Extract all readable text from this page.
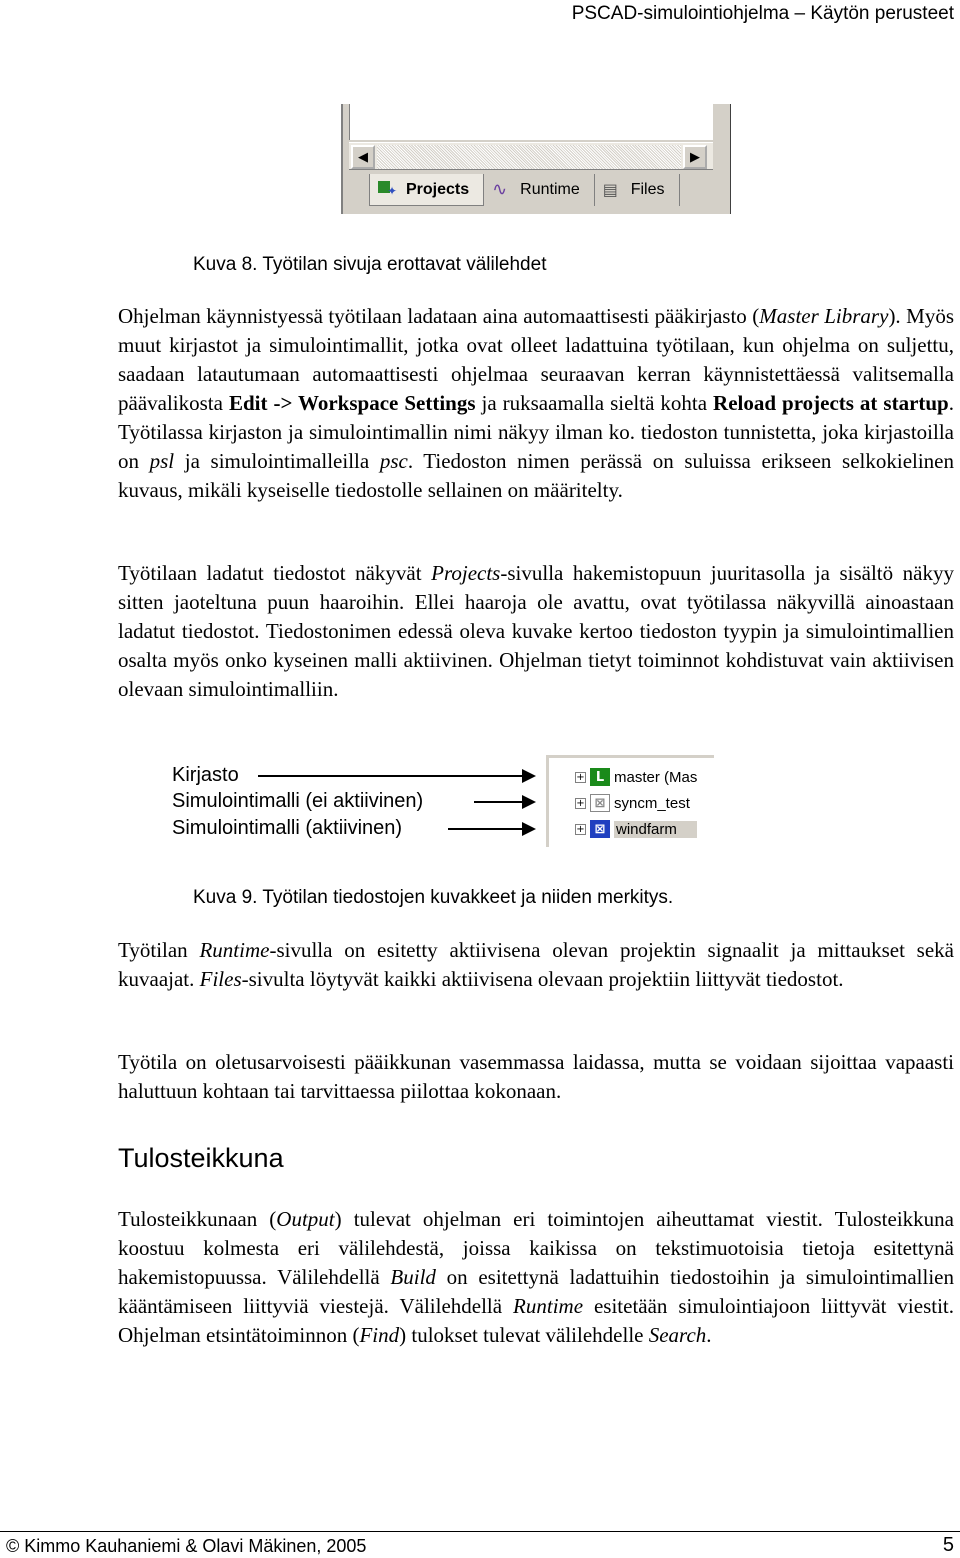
PSCAD-simulointiohjelma – Käytön perusteet
◀	▶
✦
Projects ∿ Runtime ▤ Files
Kuva 8. Työtilan sivuja erottavat välilehdet
Ohjelman käynnistyessä työtilaan ladataan aina automaattisesti pääkirjasto (Master Library). Myös muut kirjastot ja simulointimallit, jotka ovat olleet ladattuina työtilaan, kun ohjelma on suljettu, saadaan latautumaan automaattisesti ohjelmaa seuraavan kerran käynnistettäessä valitsemalla päävalikosta Edit -> Workspace Settings ja ruksaamalla sieltä kohta Reload projects at startup. Työtilassa kirjaston ja simulointimallin nimi näkyy ilman ko. tiedoston tunnistetta, joka kirjastoilla on psl ja simulointimalleilla psc. Tiedoston nimen perässä on suluissa erikseen selkokielinen kuvaus, mikäli kyseiselle tiedostolle sellainen on määritelty.
Työtilaan ladatut tiedostot näkyvät Projects-sivulla hakemistopuun juuritasolla ja sisältö näkyy sitten jaoteltuna puun haaroihin. Ellei haaroja ole avattu, ovat työtilassa näkyvillä ainoastaan ladatut tiedostot. Tiedostonimen edessä oleva kuvake kertoo tiedoston tyypin ja simulointimallien osalta myös onko kyseinen malli aktiivinen. Ohjelman tietyt toiminnot kohdistuvat vain aktiivisen olevaan simulointimalliin.
Kirjasto
Simulointimalli (ei aktiivinen)
Simulointimalli (aktiivinen)
+ L master (Mas
+ ⊠ syncm_test
+ ⊠ windfarm
Kuva 9. Työtilan tiedostojen kuvakkeet ja niiden merkitys.
Työtilan Runtime-sivulla on esitetty aktiivisena olevan projektin signaalit ja mittaukset sekä kuvaajat. Files-sivulta löytyvät kaikki aktiivisena olevaan projektiin liittyvät tiedostot.
Työtila on oletusarvoisesti pääikkunan vasemmassa laidassa, mutta se voidaan sijoittaa vapaasti haluttuun kohtaan tai tarvittaessa piilottaa kokonaan.
Tulosteikkuna
Tulosteikkunaan (Output) tulevat ohjelman eri toimintojen aiheuttamat viestit. Tulosteikkuna koostuu kolmesta eri välilehdestä, joissa kaikissa on tekstimuotoisia tietoja esitettynä hakemistopuussa. Välilehdellä Build on esitettynä ladattuihin tiedostoihin ja simulointimallien kääntämiseen liittyviä viestejä. Välilehdellä Runtime esitetään simulointiajoon liittyvät viestit. Ohjelman etsintätoiminnon (Find) tulokset tulevat välilehdelle Search.
© Kimmo Kauhaniemi & Olavi Mäkinen, 2005	5
